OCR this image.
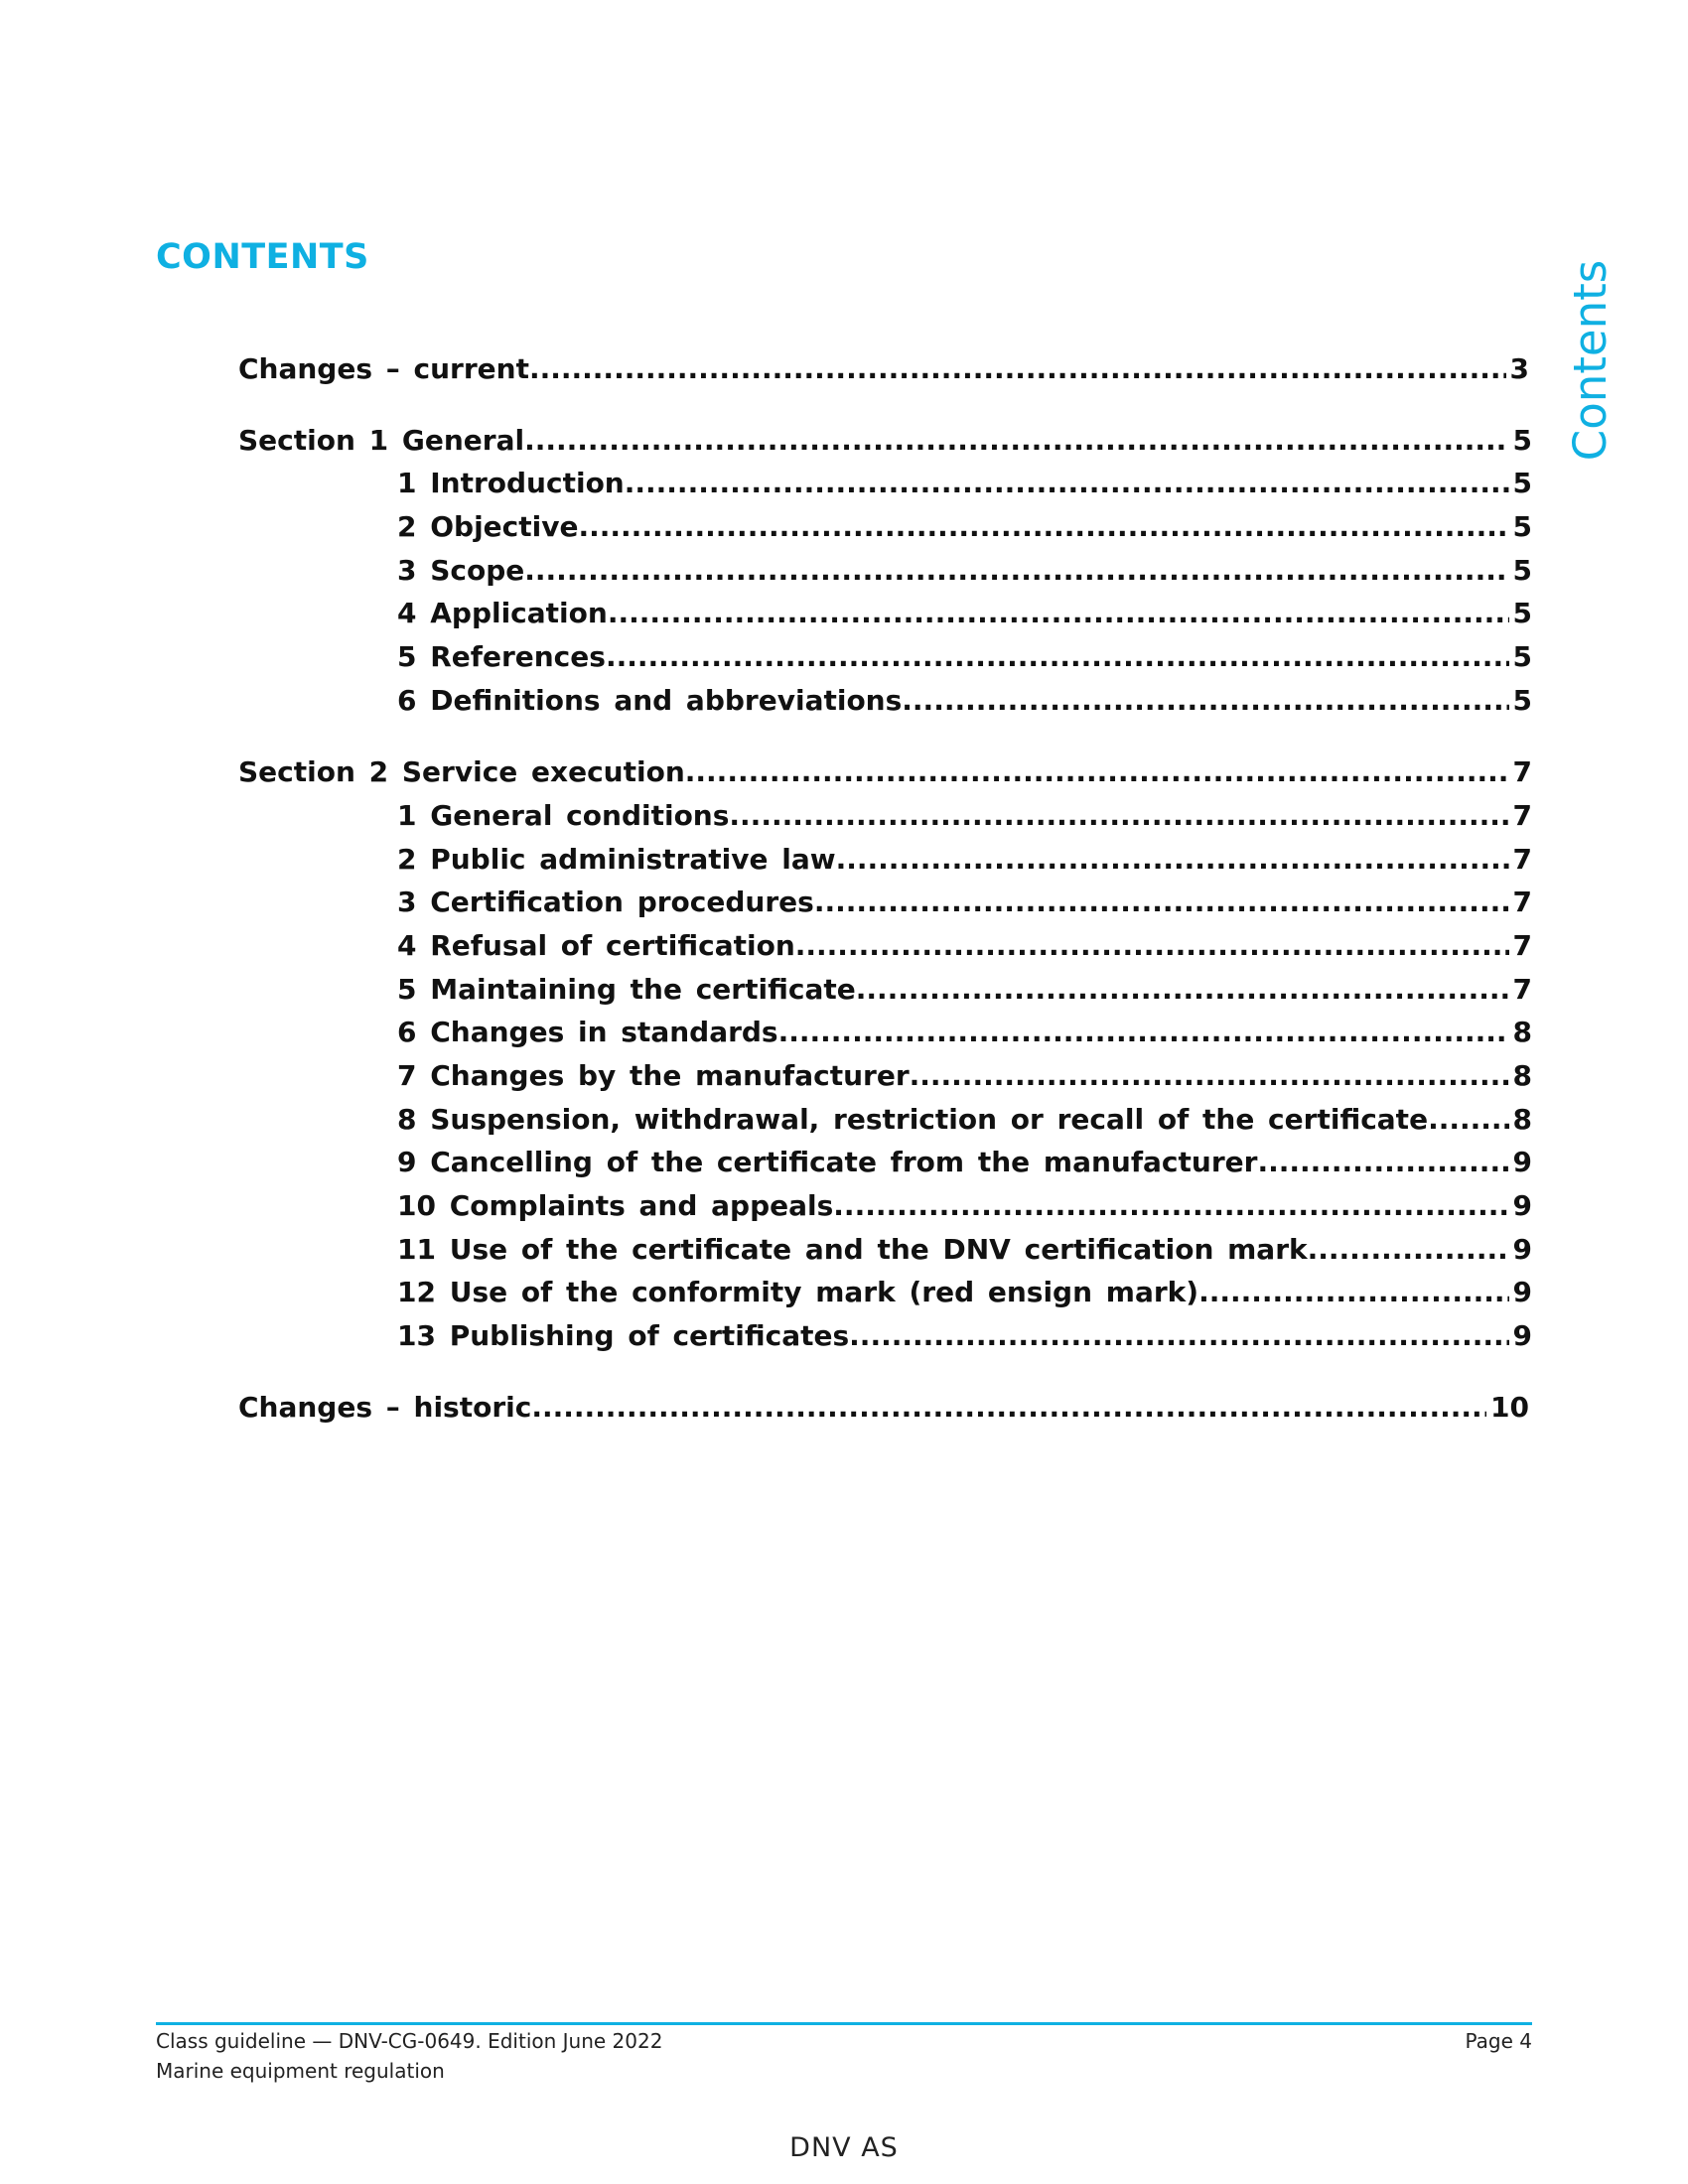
CONTENTS
Contents
Changes – current .....	3
Section 1 General .....	5
1 Introduction .....	5
2 Objective .....	5
3 Scope .....	5
4 Application .....	5
5 References .....	5
6 Definitions and abbreviations .....	5
Section 2 Service execution .....	7
1 General conditions .....	7
2 Public administrative law .....	7
3 Certification procedures .....	7
4 Refusal of certification .....	7
5 Maintaining the certificate .....	7
6 Changes in standards .....	8
7 Changes by the manufacturer .....	8
8 Suspension, withdrawal, restriction or recall of the certificate .....	8
9 Cancelling of the certificate from the manufacturer .....	9
10 Complaints and appeals .....	9
11 Use of the certificate and the DNV certification mark .....	9
12 Use of the conformity mark (red ensign mark) .....	9
13 Publishing of certificates .....	9
Changes – historic .....	10
Class guideline — DNV-CG-0649. Edition June 2022
Marine equipment regulation
Page 4
DNV AS
